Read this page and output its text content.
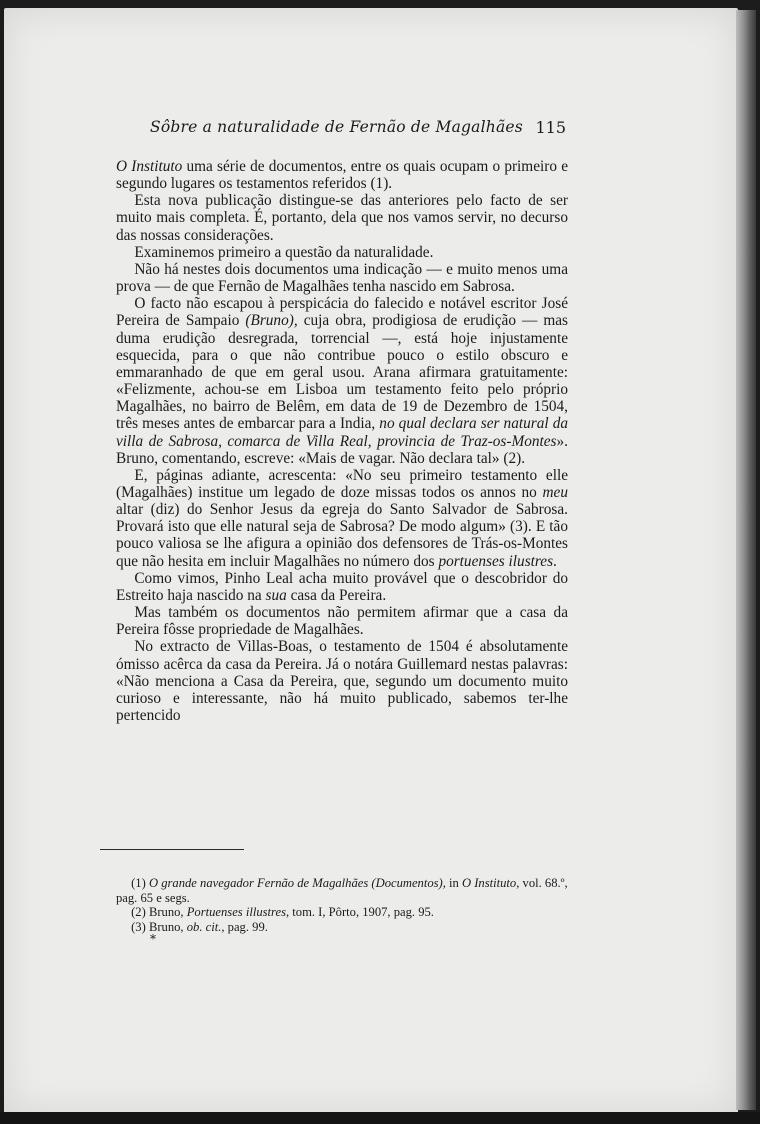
Sôbre a naturalidade de Fernão de Magalhães 115

O Instituto uma série de documentos, entre os quais ocupam o primeiro e segundo lugares os testamentos referidos (1).

Esta nova publicação distingue-se das anteriores pelo facto de ser muito mais completa. É, portanto, dela que nos vamos servir, no decurso das nossas considerações.

Examinemos primeiro a questão da naturalidade.

Não há nestes dois documentos uma indicação — e muito menos uma prova — de que Fernão de Magalhães tenha nascido em Sabrosa.

O facto não escapou à perspicácia do falecido e notável escritor José Pereira de Sampaio (Bruno), cuja obra, prodigiosa de erudição — mas duma erudição desregrada, torrencial —, está hoje injustamente esquecida, para o que não contribue pouco o estilo obscuro e emmaranhado de que em geral usou. Arana afirmara gratuitamente: «Felizmente, achou-se em Lisboa um testamento feito pelo próprio Magalhães, no bairro de Belêm, em data de 19 de Dezembro de 1504, três meses antes de embarcar para a India, no qual declara ser natural da villa de Sabrosa, comarca de Villa Real, provincia de Traz-os-Montes». Bruno, comentando, escreve: «Mais de vagar. Não declara tal» (2).

E, páginas adiante, acrescenta: «No seu primeiro testamento elle (Magalhães) institue um legado de doze missas todos os annos no meu altar (diz) do Senhor Jesus da egreja do Santo Salvador de Sabrosa. Provará isto que elle natural seja de Sabrosa? De modo algum» (3). E tão pouco valiosa se lhe afigura a opinião dos defensores de Trás-os-Montes que não hesita em incluir Magalhães no número dos portuenses ilustres.

Como vimos, Pinho Leal acha muito provável que o descobridor do Estreito haja nascido na sua casa da Pereira.

Mas também os documentos não permitem afirmar que a casa da Pereira fôsse propriedade de Magalhães.

No extracto de Villas-Boas, o testamento de 1504 é absolutamente ómisso acêrca da casa da Pereira. Já o notára Guillemard nestas palavras: «Não menciona a Casa da Pereira, que, segundo um documento muito curioso e interessante, não há muito publicado, sabemos ter-lhe pertencido

(1) O grande navegador Fernão de Magalhães (Documentos), in O Instituto, vol. 68.º, pag. 65 e segs.

(2) Bruno, Portuenses illustres, tom. I, Pôrto, 1907, pag. 95.

(3) Bruno, ob. cit., pag. 99.

*
